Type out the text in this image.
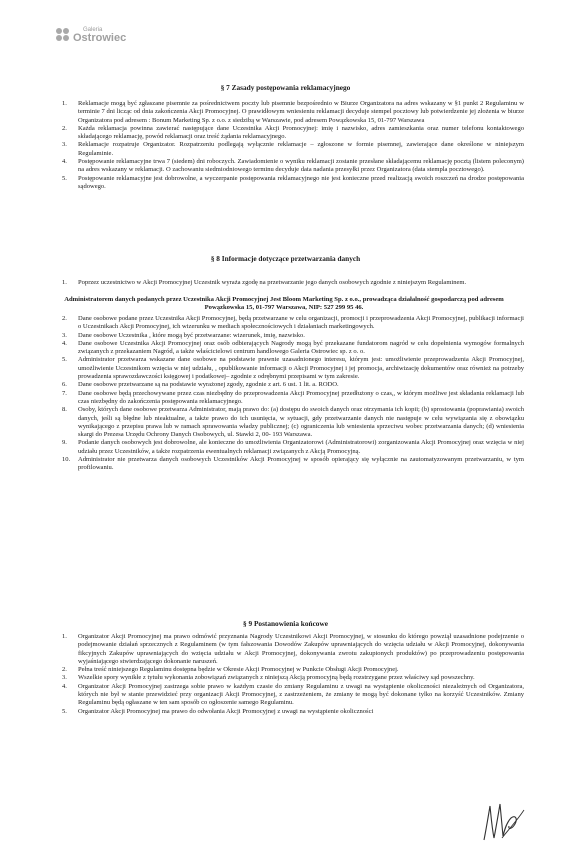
Galeria
Ostrowiec
§ 7 Zasady postępowania reklamacyjnego
1.	Reklamacje mogą być zgłaszane pisemnie za pośrednictwem poczty lub pisemnie bezpośrednio w Biurze Organizatora na adres wskazany w §1 punkt 2 Regulaminu w terminie 7 dni licząc od dnia zakończenia Akcji Promocyjnej. O prawidłowym wniesieniu reklamacji decyduje stempel pocztowy lub potwierdzenie jej złożenia w biurze Organizatora pod adresem : Bonum Marketing Sp. z o.o. z siedzibą w Warszawie, pod adresem Powązkowska 15, 01-797 Warszawa
2.	Każda reklamacja powinna zawierać następujące dane Uczestnika Akcji Promocyjnej: imię i nazwisko, adres zamieszkania oraz numer telefonu kontaktowego składającego reklamację, powód reklamacji oraz treść żądania reklamacyjnego.
3.	Reklamacje rozpatruje Organizator. Rozpatrzeniu podlegają wyłącznie reklamacje – zgłoszone w formie pisemnej, zawierające dane określone w niniejszym Regulaminie.
4.	Postępowanie reklamacyjne trwa 7 (siedem) dni roboczych. Zawiadomienie o wyniku reklamacji zostanie przesłane składającemu reklamację pocztą (listem poleconym) na adres wskazany w reklamacji. O zachowaniu siedmiodniowego terminu decyduje data nadania przesyłki przez Organizatora (data stempla pocztowego).
5.	Postępowanie reklamacyjne jest dobrowolne, a wyczerpanie postępowania reklamacyjnego nie jest konieczne przed realizacją swoich roszczeń na drodze postępowania sądowego.
§ 8 Informacje dotyczące przetwarzania danych
1.	Poprzez uczestnictwo w Akcji Promocyjnej Uczestnik wyraża zgodę na przetwarzanie jego danych osobowych zgodnie z niniejszym Regulaminem.
Administratorem danych podanych przez Uczestnika Akcji Promocyjnej Jest Bloom Marketing Sp. z o.o., prowadząca działalność gospodarczą pod adresem Powązkowska 15, 01-797 Warszawa, NIP: 527 299 95 46.
2.	Dane osobowe podane przez Uczestnika Akcji Promocyjnej, będą przetwarzane w celu organizacji, promocji i przeprowadzenia Akcji Promocyjnej, publikacji informacji o Uczestnikach Akcji Promocyjnej, ich wizerunku w mediach społecznościowych i działaniach marketingowych.
3.	Dane osobowe Uczestnika , które mogą być przetwarzane: wizerunek, imię, nazwisko.
4.	Dane osobowe Uczestnika Akcji Promocyjnej oraz osób odbierających Nagrody mogą być przekazane fundatorom nagród w celu dopełnienia wymogów formalnych związanych z przekazaniem Nagród, a także właścicielowi centrum handlowego Galeria Ostrowiec sp. z o. o.
5.	Administrator przetwarza wskazane dane osobowe na podstawie prawnie uzasadnionego interesu, którym jest: umożliwienie przeprowadzenia Akcji Promocyjnej, umożliwienie Uczestnikom wzięcia w niej udziału, , opublikowanie informacji o Akcji Promocyjnej i jej promocja, archiwizację dokumentów oraz również na potrzeby prowadzenia sprawozdawczości księgowej i podatkowej– zgodnie z odrębnymi przepisami w tym zakresie.
6.	Dane osobowe przetwarzane są na podstawie wyrażonej zgody, zgodnie z art. 6 ust. 1 lit. a. RODO.
7.	Dane osobowe będą przechowywane przez czas niezbędny do przeprowadzenia Akcji Promocyjnej przedłużony o czas,, w którym możliwe jest składania reklamacji lub czas niezbędny do zakończenia postępowania reklamacyjnego.
8.	Osoby, których dane osobowe przetwarza Administrator, mają prawo do: (a) dostępu do swoich danych oraz otrzymania ich kopii; (b) sprostowania (poprawiania) swoich danych, jeśli są błędne lub nieaktualne, a także prawo do ich usunięcia, w sytuacji, gdy przetwarzanie danych nie następuje w celu wywiązania się z obowiązku wynikającego z przepisu prawa lub w ramach sprawowania władzy publicznej; (c) ograniczenia lub wniesienia sprzeciwu wobec przetwarzania danych; (d) wniesienia skargi do Prezesa Urzędu Ochrony Danych Osobowych, ul. Stawki 2, 00- 193 Warszawa.
9.	Podanie danych osobowych jest dobrowolne, ale konieczne do umożliwienia Organizatorowi (Administratorowi) zorganizowania Akcji Promocyjnej oraz wzięcia w niej udziału przez Uczestników, a także rozpatrzenia ewentualnych reklamacji związanych z Akcją Promocyjną.
10.	Administrator nie przetwarza danych osobowych Uczestników Akcji Promocyjnej w sposób opierający się wyłącznie na zautomatyzowanym przetwarzaniu, w tym profilowaniu.
§ 9 Postanowienia końcowe
1.	Organizator Akcji Promocyjnej ma prawo odmówić przyznania Nagrody Uczestnikowi Akcji Promocyjnej, w stosunku do którego powziął uzasadnione podejrzenie o podejmowanie działań sprzecznych z Regulaminem (w tym fałszowania Dowodów Zakupów uprawniających do wzięcia udziału w Akcji Promocyjnej, dokonywania fikcyjnych Zakupów uprawniających do wzięcia udziału w Akcji Promocyjnej, dokonywania zwrotu zakupionych produktów) po przeprowadzeniu postępowania wyjaśniającego stwierdzającego dokonanie naruszeń.
2.	Pełna treść niniejszego Regulaminu dostępna będzie w Okresie Akcji Promocyjnej w Punkcie Obsługi Akcji Promocyjnej.
3.	Wszelkie spory wynikłe z tytułu wykonania zobowiązań związanych z niniejszą Akcją promocyjną będą rozstrzygane przez właściwy sąd powszechny.
4.	Organizator Akcji Promocyjnej zastrzega sobie prawo w każdym czasie do zmiany Regulaminu z uwagi na wystąpienie okoliczności niezależnych od Organizatora, których nie był w stanie przewidzieć przy organizacji Akcji Promocyjnej, z zastrzeżeniem, że zmiany te mogą być dokonane tylko na korzyść Uczestników. Zmiany Regulaminu będą ogłaszane w ten sam sposób co ogłoszenie samego Regulaminu.
5.	Organizator Akcji Promocyjnej ma prawo do odwołania Akcji Promocyjnej z uwagi na wystąpienie okoliczności
